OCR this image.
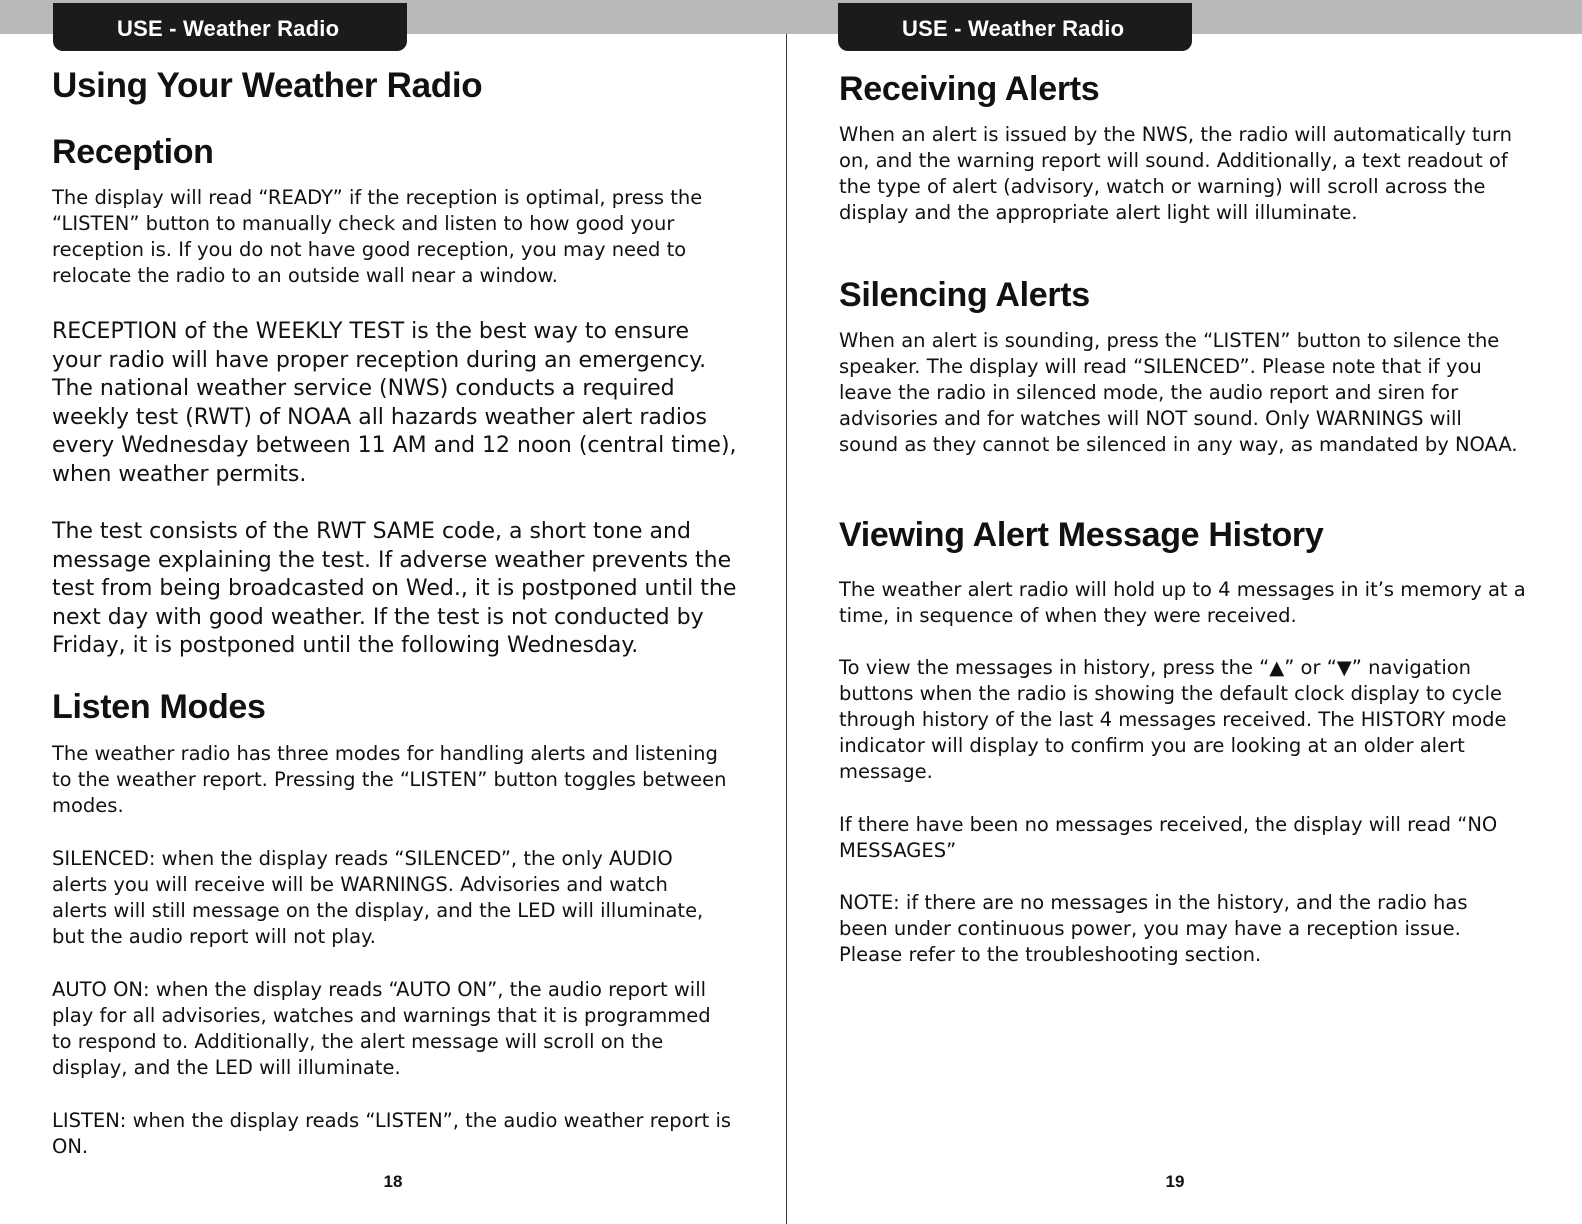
USE - Weather Radio	USE - Weather Radio
Using Your Weather Radio
Reception

The display will read “READY” if the reception is optimal, press the “LISTEN” button to manually check and listen to how good your reception is. If you do not have good reception, you may need to relocate the radio to an outside wall near a window.

RECEPTION of the WEEKLY TEST is the best way to ensure your radio will have proper reception during an emergency. The national weather service (NWS) conducts a required weekly test (RWT) of NOAA all hazards weather alert radios every Wednesday between 11 AM and 12 noon (central time), when weather permits.

The test consists of the RWT SAME code, a short tone and message explaining the test. If adverse weather prevents the test from being broadcasted on Wed., it is postponed until the next day with good weather. If the test is not conducted by Friday, it is postponed until the following Wednesday.

Listen Modes

The weather radio has three modes for handling alerts and listening to the weather report. Pressing the “LISTEN” button toggles between modes.

SILENCED: when the display reads “SILENCED”, the only AUDIO alerts you will receive will be WARNINGS. Advisories and watch alerts will still message on the display, and the LED will illuminate, but the audio report will not play.

AUTO ON: when the display reads “AUTO ON”, the audio report will play for all advisories, watches and warnings that it is programmed to respond to. Additionally, the alert message will scroll on the display, and the LED will illuminate.

LISTEN: when the display reads “LISTEN”, the audio weather report is ON.

18

Receiving Alerts

When an alert is issued by the NWS, the radio will automatically turn on, and the warning report will sound. Additionally, a text readout of the type of alert (advisory, watch or warning) will scroll across the display and the appropriate alert light will illuminate.

Silencing Alerts

When an alert is sounding, press the “LISTEN” button to silence the speaker. The display will read “SILENCED”. Please note that if you leave the radio in silenced mode, the audio report and siren for advisories and for watches will NOT sound. Only WARNINGS will sound as they cannot be silenced in any way, as mandated by NOAA.

Viewing Alert Message History

The weather alert radio will hold up to 4 messages in it’s memory at a time, in sequence of when they were received.

To view the messages in history, press the “▲” or “▼” navigation buttons when the radio is showing the default clock display to cycle through history of the last 4 messages received. The HISTORY mode indicator will display to confirm you are looking at an older alert message.

If there have been no messages received, the display will read “NO MESSAGES”

NOTE: if there are no messages in the history, and the radio has been under continuous power, you may have a reception issue. Please refer to the troubleshooting section.

19
